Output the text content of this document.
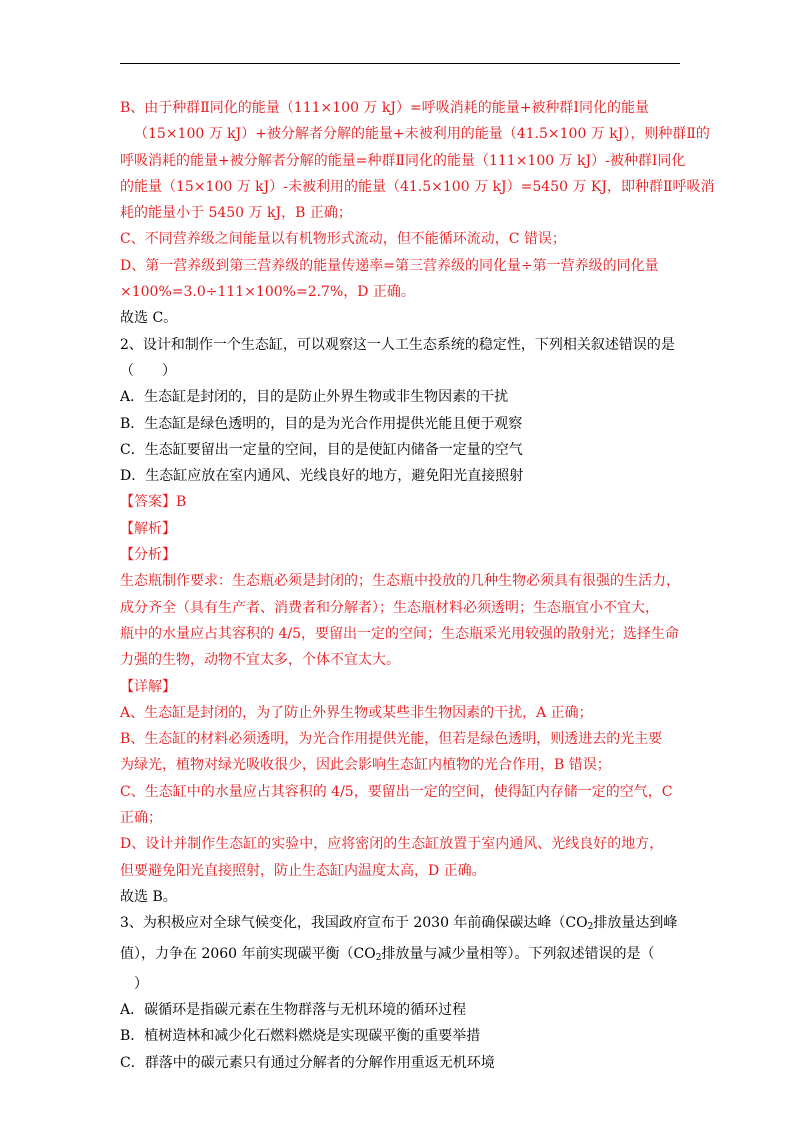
B、由于种群Ⅱ同化的能量（111×100 万 kJ）=呼吸消耗的能量+被种群Ⅰ同化的能量
（15×100 万 kJ）+被分解者分解的能量+未被利用的能量（41.5×100 万 kJ），则种群Ⅱ的
呼吸消耗的能量+被分解者分解的能量=种群Ⅱ同化的能量（111×100 万 kJ）-被种群Ⅰ同化
的能量（15×100 万 kJ）-未被利用的能量（41.5×100 万 kJ）=5450 万 KJ，即种群Ⅱ呼吸消
耗的能量小于 5450 万 kJ，B 正确；
C、不同营养级之间能量以有机物形式流动，但不能循环流动，C 错误；
D、第一营养级到第三营养级的能量传递率=第三营养级的同化量÷第一营养级的同化量
×100%=3.0÷111×100%=2.7%，D 正确。
故选 C。
2、设计和制作一个生态缸，可以观察这一人工生态系统的稳定性，下列相关叙述错误的是
（　　）
A．生态缸是封闭的，目的是防止外界生物或非生物因素的干扰
B．生态缸是绿色透明的，目的是为光合作用提供光能且便于观察
C．生态缸要留出一定量的空间，目的是使缸内储备一定量的空气
D．生态缸应放在室内通风、光线良好的地方，避免阳光直接照射
【答案】B
【解析】
【分析】
生态瓶制作要求：生态瓶必须是封闭的；生态瓶中投放的几种生物必须具有很强的生活力，
成分齐全（具有生产者、消费者和分解者）；生态瓶材料必须透明；生态瓶宜小不宜大，
瓶中的水量应占其容积的 4/5，要留出一定的空间；生态瓶采光用较强的散射光；选择生命
力强的生物，动物不宜太多，个体不宜太大。
【详解】
A、生态缸是封闭的，为了防止外界生物或某些非生物因素的干扰，A 正确；
B、生态缸的材料必须透明，为光合作用提供光能，但若是绿色透明，则透进去的光主要
为绿光，植物对绿光吸收很少，因此会影响生态缸内植物的光合作用，B 错误；
C、生态缸中的水量应占其容积的 4/5，要留出一定的空间，使得缸内存储一定的空气，C
正确；
D、设计并制作生态缸的实验中，应将密闭的生态缸放置于室内通风、光线良好的地方，
但要避免阳光直接照射，防止生态缸内温度太高，D 正确。
故选 B。
3、为积极应对全球气候变化，我国政府宣布于 2030 年前确保碳达峰（$CO_2$排放量达到峰
值），力争在 2060 年前实现碳平衡（$CO_2$排放量与减少量相等）。下列叙述错误的是（
）
A．碳循环是指碳元素在生物群落与无机环境的循环过程
B．植树造林和减少化石燃料燃烧是实现碳平衡的重要举措
C．群落中的碳元素只有通过分解者的分解作用重返无机环境
